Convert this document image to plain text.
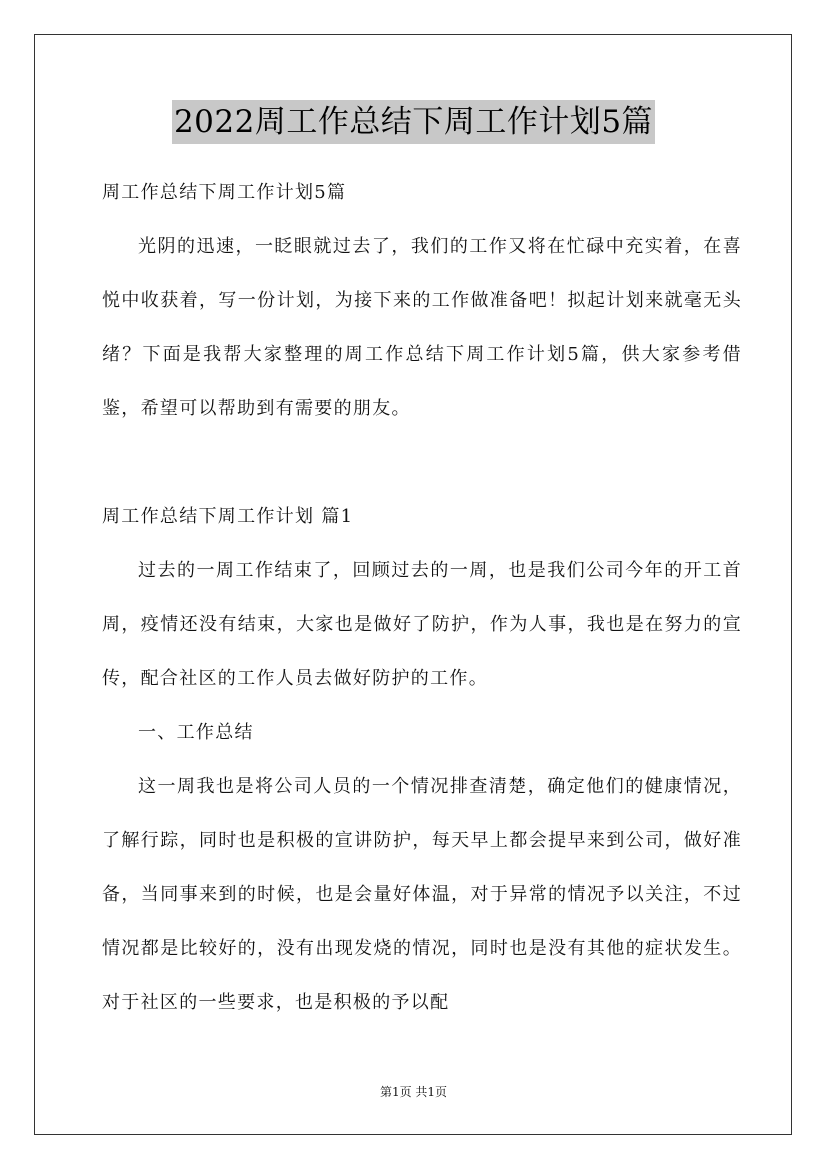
2022周工作总结下周工作计划5篇

周工作总结下周工作计划5篇

光阴的迅速，一眨眼就过去了，我们的工作又将在忙碌中充实着，在喜悦中收获着，写一份计划，为接下来的工作做准备吧！拟起计划来就毫无头绪？下面是我帮大家整理的周工作总结下周工作计划5篇，供大家参考借鉴，希望可以帮助到有需要的朋友。

周工作总结下周工作计划 篇1

过去的一周工作结束了，回顾过去的一周，也是我们公司今年的开工首周，疫情还没有结束，大家也是做好了防护，作为人事，我也是在努力的宣传，配合社区的工作人员去做好防护的工作。

一、工作总结

这一周我也是将公司人员的一个情况排查清楚，确定他们的健康情况，了解行踪，同时也是积极的宣讲防护，每天早上都会提早来到公司，做好准备，当同事来到的时候，也是会量好体温，对于异常的情况予以关注，不过情况都是比较好的，没有出现发烧的情况，同时也是没有其他的症状发生。对于社区的一些要求，也是积极的予以配

第1页 共1页
